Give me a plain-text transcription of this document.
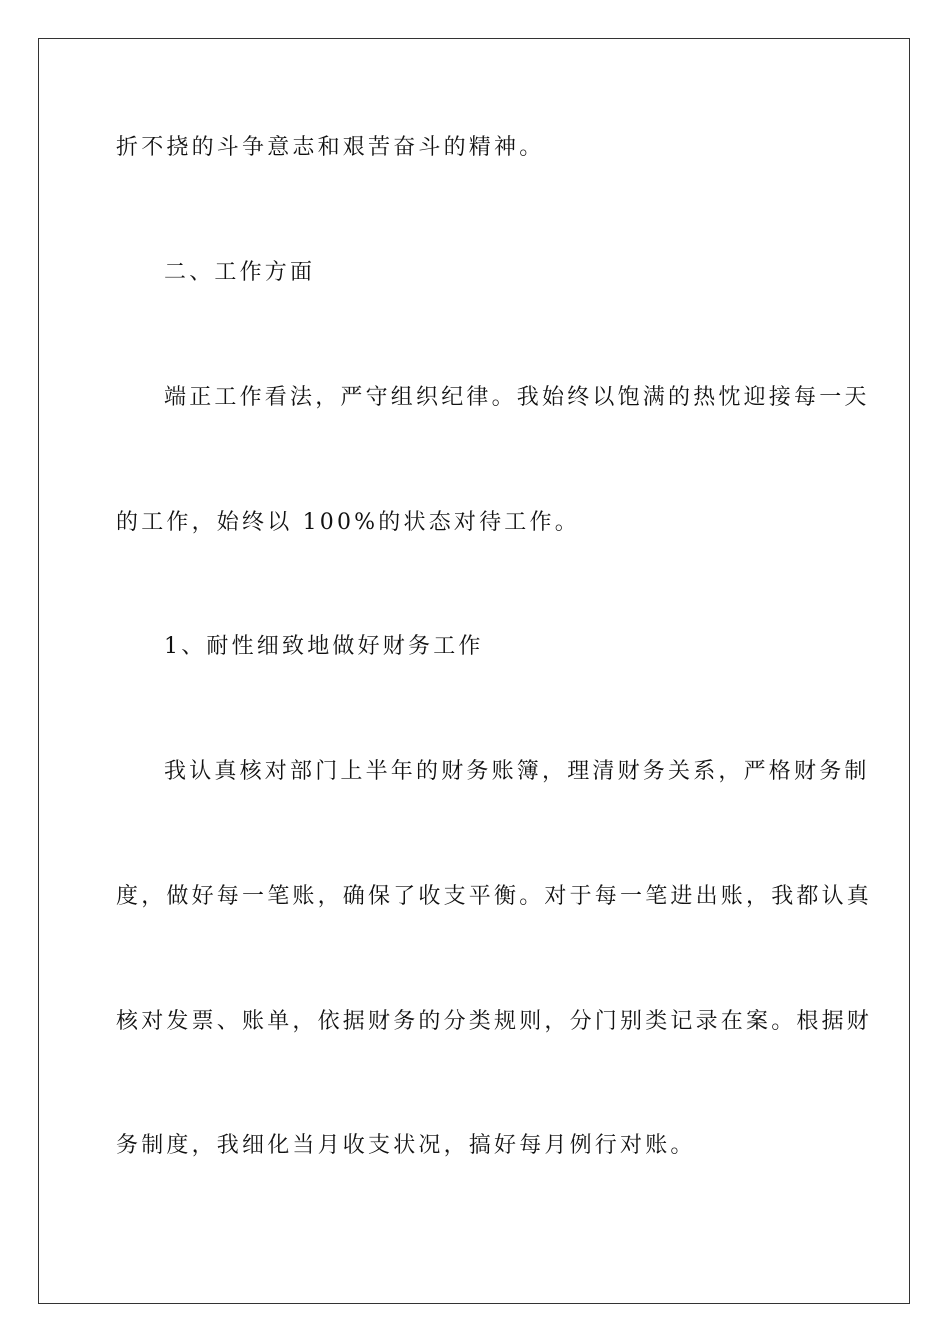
折不挠的斗争意志和艰苦奋斗的精神。
二、工作方面
端正工作看法，严守组织纪律。我始终以饱满的热忱迎接每一天
的工作，始终以 100%的状态对待工作。
1、耐性细致地做好财务工作
我认真核对部门上半年的财务账簿，理清财务关系，严格财务制
度，做好每一笔账，确保了收支平衡。对于每一笔进出账，我都认真
核对发票、账单，依据财务的分类规则，分门别类记录在案。根据财
务制度，我细化当月收支状况，搞好每月例行对账。
